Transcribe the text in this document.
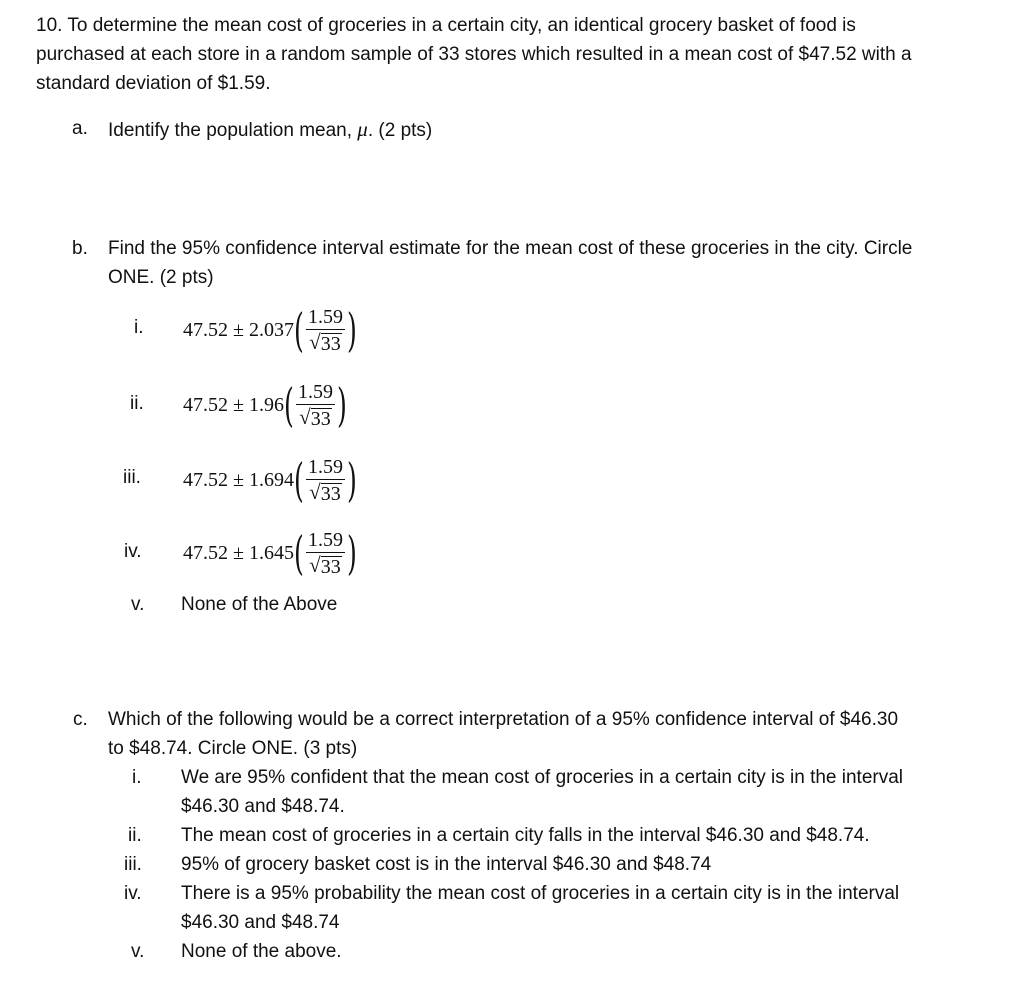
10. To determine the mean cost of groceries in a certain city, an identical grocery basket of food is
purchased at each store in a random sample of 33 stores which resulted in a mean cost of $47.52 with a
standard deviation of $1.59.
a. Identify the population mean, μ. (2 pts)
b. Find the 95% confidence interval estimate for the mean cost of these groceries in the city. Circle
ONE. (2 pts)
i. 47.52 ± 2.037 ( $\frac{1.59}{√ 33}$ )
ii. 47.52 ± 1.96 ( $\frac{1.59}{√ 33}$ )
iii. 47.52 ± 1.694 ( $\frac{1.59}{√ 33}$ )
iv. 47.52 ± 1.645 ( $\frac{1.59}{√ 33}$ )
v. None of the Above
c. Which of the following would be a correct interpretation of a 95% confidence interval of $46.30
to $48.74. Circle ONE. (3 pts)
i. We are 95% confident that the mean cost of groceries in a certain city is in the interval
$46.30 and $48.74.
ii. The mean cost of groceries in a certain city falls in the interval $46.30 and $48.74.
iii. 95% of grocery basket cost is in the interval $46.30 and $48.74
iv. There is a 95% probability the mean cost of groceries in a certain city is in the interval
$46.30 and $48.74
v. None of the above.
